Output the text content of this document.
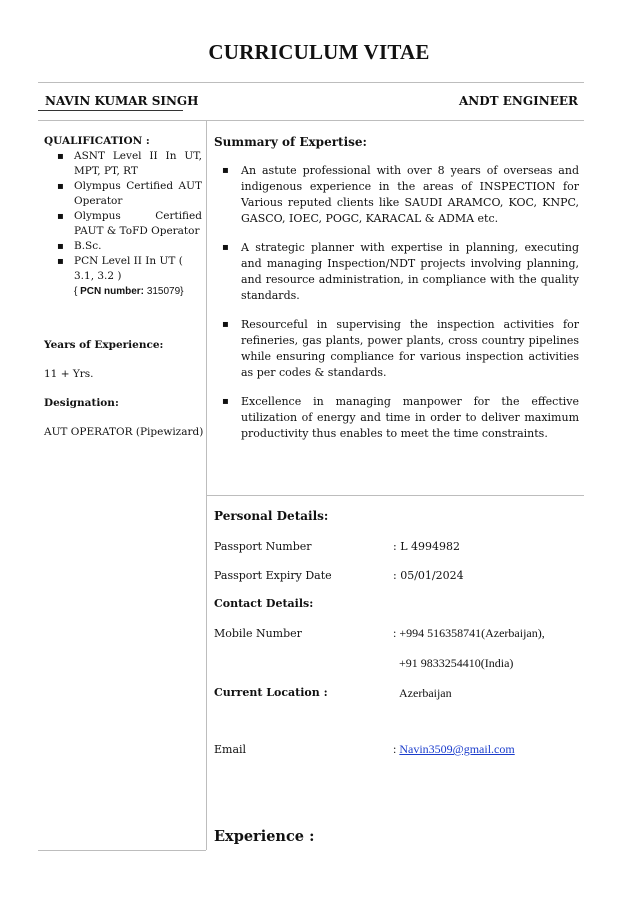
CURRICULUM VITAE
NAVIN KUMAR SINGH	ANDT ENGINEER
QUALIFICATION :
▪ ASNT Level II In UT, MPT, PT, RT
▪ Olympus Certified AUT Operator
▪ Olympus Certified PAUT & ToFD Operator
▪ B.Sc.
▪ PCN Level II In UT ( 3.1, 3.2 )
{ PCN number: 315079}
Years of Experience:
11 + Yrs.
Designation:
AUT OPERATOR (Pipewizard)
Summary of Expertise:
▪ An astute professional with over 8 years of overseas and indigenous experience in the areas of INSPECTION for Various reputed clients like SAUDI ARAMCO, KOC, KNPC, GASCO, IOEC, POGC, KARACAL & ADMA etc.
▪ A strategic planner with expertise in planning, executing and managing Inspection/NDT projects involving planning, and resource administration, in compliance with the quality standards.
▪ Resourceful in supervising the inspection activities for refineries, gas plants, power plants, cross country pipelines while ensuring compliance for various inspection activities as per codes & standards.
▪ Excellence in managing manpower for the effective utilization of energy and time in order to deliver maximum productivity thus enables to meet the time constraints.
Personal Details:
Passport Number	: L 4994982
Passport Expiry Date	: 05/01/2024
Contact Details:
Mobile Number	: +994 516358741(Azerbaijan),
+91 9833254410(India)
Current Location :	Azerbaijan
Email	: Navin3509@gmail.com
Experience :
